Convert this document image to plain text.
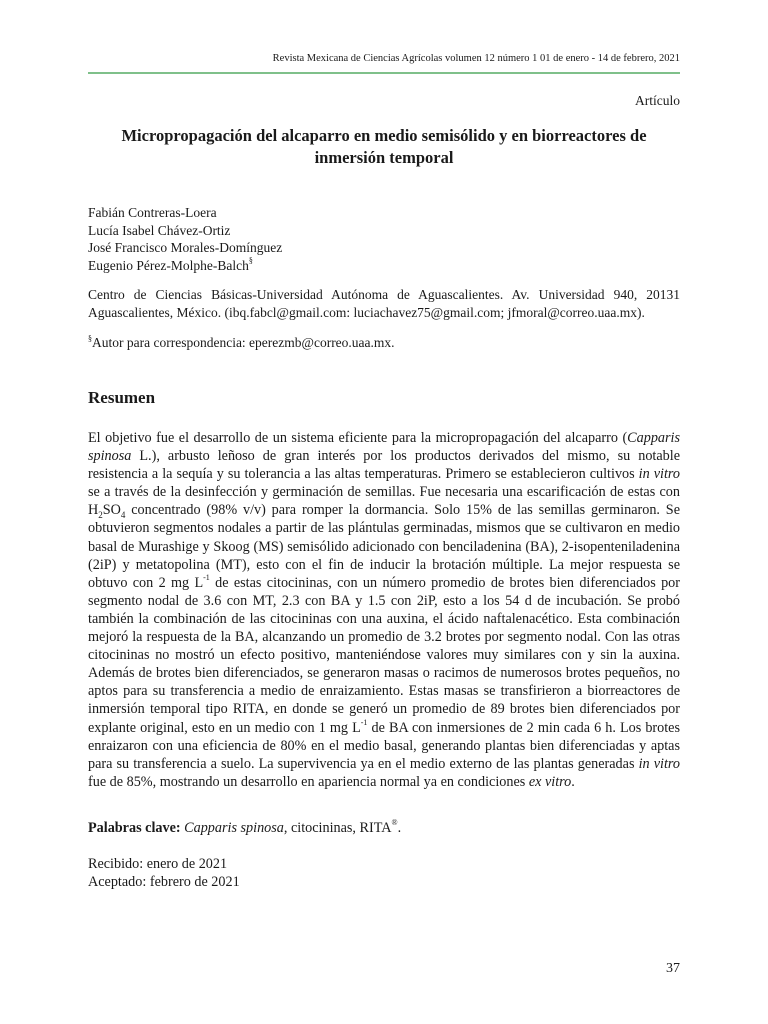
Revista Mexicana de Ciencias Agrícolas volumen 12 número 1 01 de enero - 14 de febrero, 2021
Artículo
Micropropagación del alcaparro en medio semisólido y en biorreactores de inmersión temporal
Fabián Contreras-Loera
Lucía Isabel Chávez-Ortiz
José Francisco Morales-Domínguez
Eugenio Pérez-Molphe-Balch§
Centro de Ciencias Básicas-Universidad Autónoma de Aguascalientes. Av. Universidad 940, 20131 Aguascalientes, México. (ibq.fabcl@gmail.com: luciachavez75@gmail.com; jfmoral@correo.uaa.mx).
§Autor para correspondencia: eperezmb@correo.uaa.mx.
Resumen

El objetivo fue el desarrollo de un sistema eficiente para la micropropagación del alcaparro (Capparis spinosa L.), arbusto leñoso de gran interés por los productos derivados del mismo, su notable resistencia a la sequía y su tolerancia a las altas temperaturas. Primero se establecieron cultivos in vitro se a través de la desinfección y germinación de semillas. Fue necesaria una escarificación de estas con $H_2SO_4$ concentrado (98% v/v) para romper la dormancia. Solo 15% de las semillas germinaron. Se obtuvieron segmentos nodales a partir de las plántulas germinadas, mismos que se cultivaron en medio basal de Murashige y Skoog (MS) semisólido adicionado con benciladenina (BA), 2-isopenteniladenina (2iP) y metatopolina (MT), esto con el fin de inducir la brotación múltiple. La mejor respuesta se obtuvo con 2 mg $L^{-1}$ de estas citocininas, con un número promedio de brotes bien diferenciados por segmento nodal de 3.6 con MT, 2.3 con BA y 1.5 con 2iP, esto a los 54 d de incubación. Se probó también la combinación de las citocininas con una auxina, el ácido naftalenacético. Esta combinación mejoró la respuesta de la BA, alcanzando un promedio de 3.2 brotes por segmento nodal. Con las otras citocininas no mostró un efecto positivo, manteniéndose valores muy similares con y sin la auxina. Además de brotes bien diferenciados, se generaron masas o racimos de numerosos brotes pequeños, no aptos para su transferencia a medio de enraizamiento. Estas masas se transfirieron a biorreactores de inmersión temporal tipo RITA, en donde se generó un promedio de 89 brotes bien diferenciados por explante original, esto en un medio con 1 mg $L^{-1}$ de BA con inmersiones de 2 min cada 6 h. Los brotes enraizaron con una eficiencia de 80% en el medio basal, generando plantas bien diferenciadas y aptas para su transferencia a suelo. La supervivencia ya en el medio externo de las plantas generadas in vitro fue de 85%, mostrando un desarrollo en apariencia normal ya en condiciones ex vitro.

Palabras clave: Capparis spinosa, citocininas, RITA®.
Recibido: enero de 2021
Aceptado: febrero de 2021
37
